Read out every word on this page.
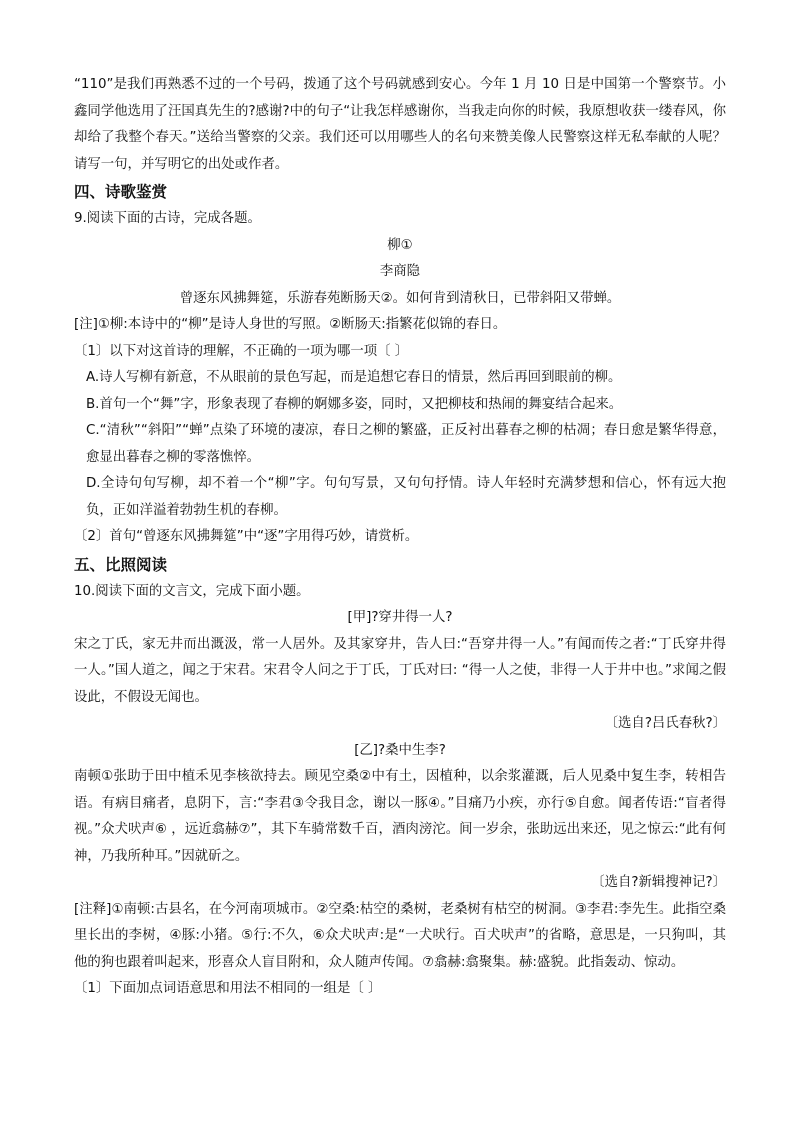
“110”是我们再熟悉不过的一个号码，拨通了这个号码就感到安心。今年 1 月 10 日是中国第一个警察节。小鑫同学他选用了汪国真先生的?感谢?中的句子“让我怎样感谢你，当我走向你的时候，我原想收获一缕春风，你却给了我整个春天。”送给当警察的父亲。我们还可以用哪些人的名句来赞美像人民警察这样无私奉献的人呢？请写一句，并写明它的出处或作者。

四、诗歌鉴赏

9.阅读下面的古诗，完成各题。

柳①

李商隐

曾逐东风拂舞筵，乐游春苑断肠天②。如何肯到清秋日，已带斜阳又带蝉。

[注]①柳:本诗中的“柳”是诗人身世的写照。②断肠天:指繁花似锦的春日。

〔1〕以下对这首诗的理解，不正确的一项为哪一项〔 〕

A.诗人写柳有新意，不从眼前的景色写起，而是追想它春日的情景，然后再回到眼前的柳。

B.首句一个“舞”字，形象表现了春柳的婀娜多姿，同时，又把柳枝和热闹的舞宴结合起来。

C.“清秋”“斜阳”“蝉”点染了环境的凄凉，春日之柳的繁盛，正反衬出暮春之柳的枯凋；春日愈是繁华得意，愈显出暮春之柳的零落憔悴。

D.全诗句句写柳，却不着一个“柳”字。句句写景，又句句抒情。诗人年轻时充满梦想和信心，怀有远大抱负，正如洋溢着勃勃生机的春柳。

〔2〕首句“曾逐东风拂舞筵”中“逐”字用得巧妙，请赏析。

五、比照阅读

10.阅读下面的文言文，完成下面小题。

[甲]?穿井得一人?

宋之丁氏，家无井而出溉汲，常一人居外。及其家穿井，告人曰:“吾穿井得一人。”有闻而传之者:“丁氏穿井得一人。”国人道之，闻之于宋君。宋君令人问之于丁氏，丁氏对曰: “得一人之使，非得一人于井中也。”求闻之假设此，不假设无闻也。

〔选自?吕氏春秋?〕

[乙]?桑中生李?

南顿①张助于田中植禾见李核欲持去。顾见空桑②中有土，因植种，以余浆灌溉，后人见桑中复生李，转相告语。有病目痛者，息阴下，言:“李君③令我目念，谢以一豚④。”目痛乃小疾，亦行⑤自愈。闻者传语:“盲者得视。”众犬吠声⑥ ，远近翕赫⑦”，其下车骑常数千百，酒肉滂沱。间一岁余，张助远出来还，见之惊云:“此有何神，乃我所种耳。”因就斫之。

〔选自?新辑搜神记?〕

[注释]①南顿:古县名，在今河南项城市。②空桑:枯空的桑树，老桑树有枯空的树洞。③李君:李先生。此指空桑里长出的李树，④豚:小猪。⑤行:不久，⑥众犬吠声:是“一犬吠行。百犬吠声”的省略，意思是，一只狗叫，其他的狗也跟着叫起来，形喜众人盲目附和，众人随声传闻。⑦翕赫:翕聚集。赫:盛貌。此指轰动、惊动。

〔1〕下面加点词语意思和用法不相同的一组是〔 〕
